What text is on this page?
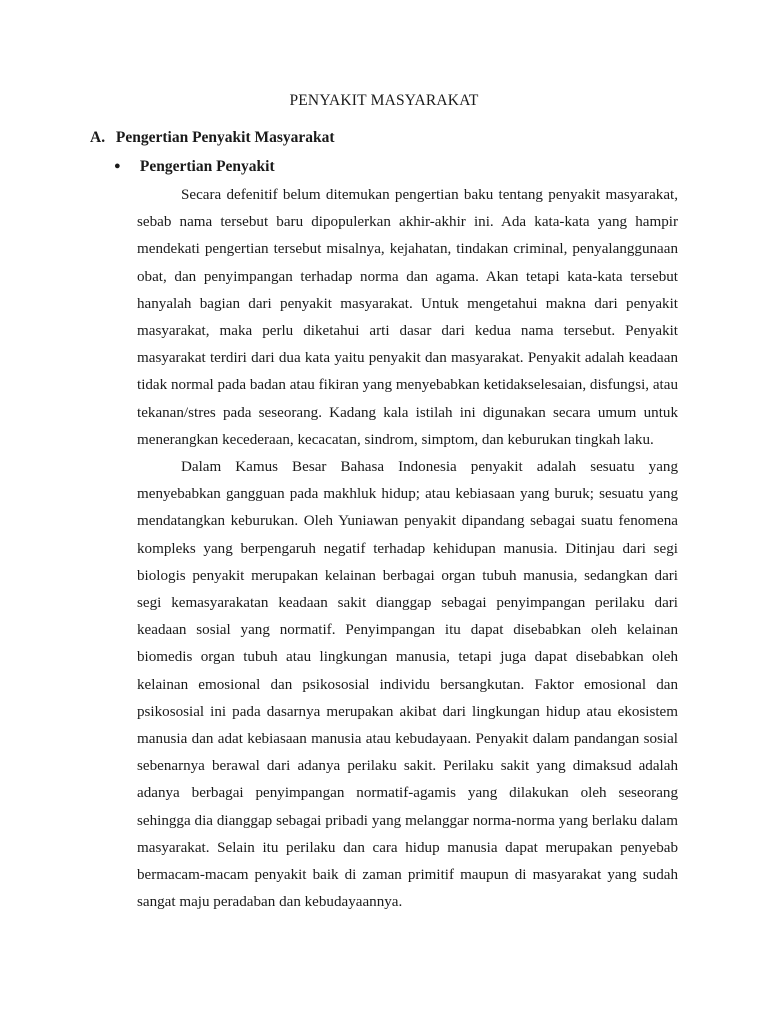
PENYAKIT MASYARAKAT
A. Pengertian Penyakit Masyarakat
● Pengertian Penyakit

Secara defenitif belum ditemukan pengertian baku tentang penyakit masyarakat, sebab nama tersebut baru dipopulerkan akhir-akhir ini. Ada kata-kata yang hampir mendekati pengertian tersebut misalnya, kejahatan, tindakan criminal, penyalanggunaan obat, dan penyimpangan terhadap norma dan agama. Akan tetapi kata-kata tersebut hanyalah bagian dari penyakit masyarakat. Untuk mengetahui makna dari penyakit masyarakat, maka perlu diketahui arti dasar dari kedua nama tersebut. Penyakit masyarakat terdiri dari dua kata yaitu penyakit dan masyarakat. Penyakit adalah keadaan tidak normal pada badan atau fikiran yang menyebabkan ketidakselesaian, disfungsi, atau tekanan/stres pada seseorang. Kadang kala istilah ini digunakan secara umum untuk menerangkan kecederaan, kecacatan, sindrom, simptom, dan keburukan tingkah laku.

Dalam Kamus Besar Bahasa Indonesia penyakit adalah sesuatu yang menyebabkan gangguan pada makhluk hidup; atau kebiasaan yang buruk; sesuatu yang mendatangkan keburukan. Oleh Yuniawan penyakit dipandang sebagai suatu fenomena kompleks yang berpengaruh negatif terhadap kehidupan manusia. Ditinjau dari segi biologis penyakit merupakan kelainan berbagai organ tubuh manusia, sedangkan dari segi kemasyarakatan keadaan sakit dianggap sebagai penyimpangan perilaku dari keadaan sosial yang normatif. Penyimpangan itu dapat disebabkan oleh kelainan biomedis organ tubuh atau lingkungan manusia, tetapi juga dapat disebabkan oleh kelainan emosional dan psikososial individu bersangkutan. Faktor emosional dan psikososial ini pada dasarnya merupakan akibat dari lingkungan hidup atau ekosistem manusia dan adat kebiasaan manusia atau kebudayaan. Penyakit dalam pandangan sosial sebenarnya berawal dari adanya perilaku sakit. Perilaku sakit yang dimaksud adalah adanya berbagai penyimpangan normatif-agamis yang dilakukan oleh seseorang sehingga dia dianggap sebagai pribadi yang melanggar norma-norma yang berlaku dalam masyarakat. Selain itu perilaku dan cara hidup manusia dapat merupakan penyebab bermacam-macam penyakit baik di zaman primitif maupun di masyarakat yang sudah sangat maju peradaban dan kebudayaannya.
